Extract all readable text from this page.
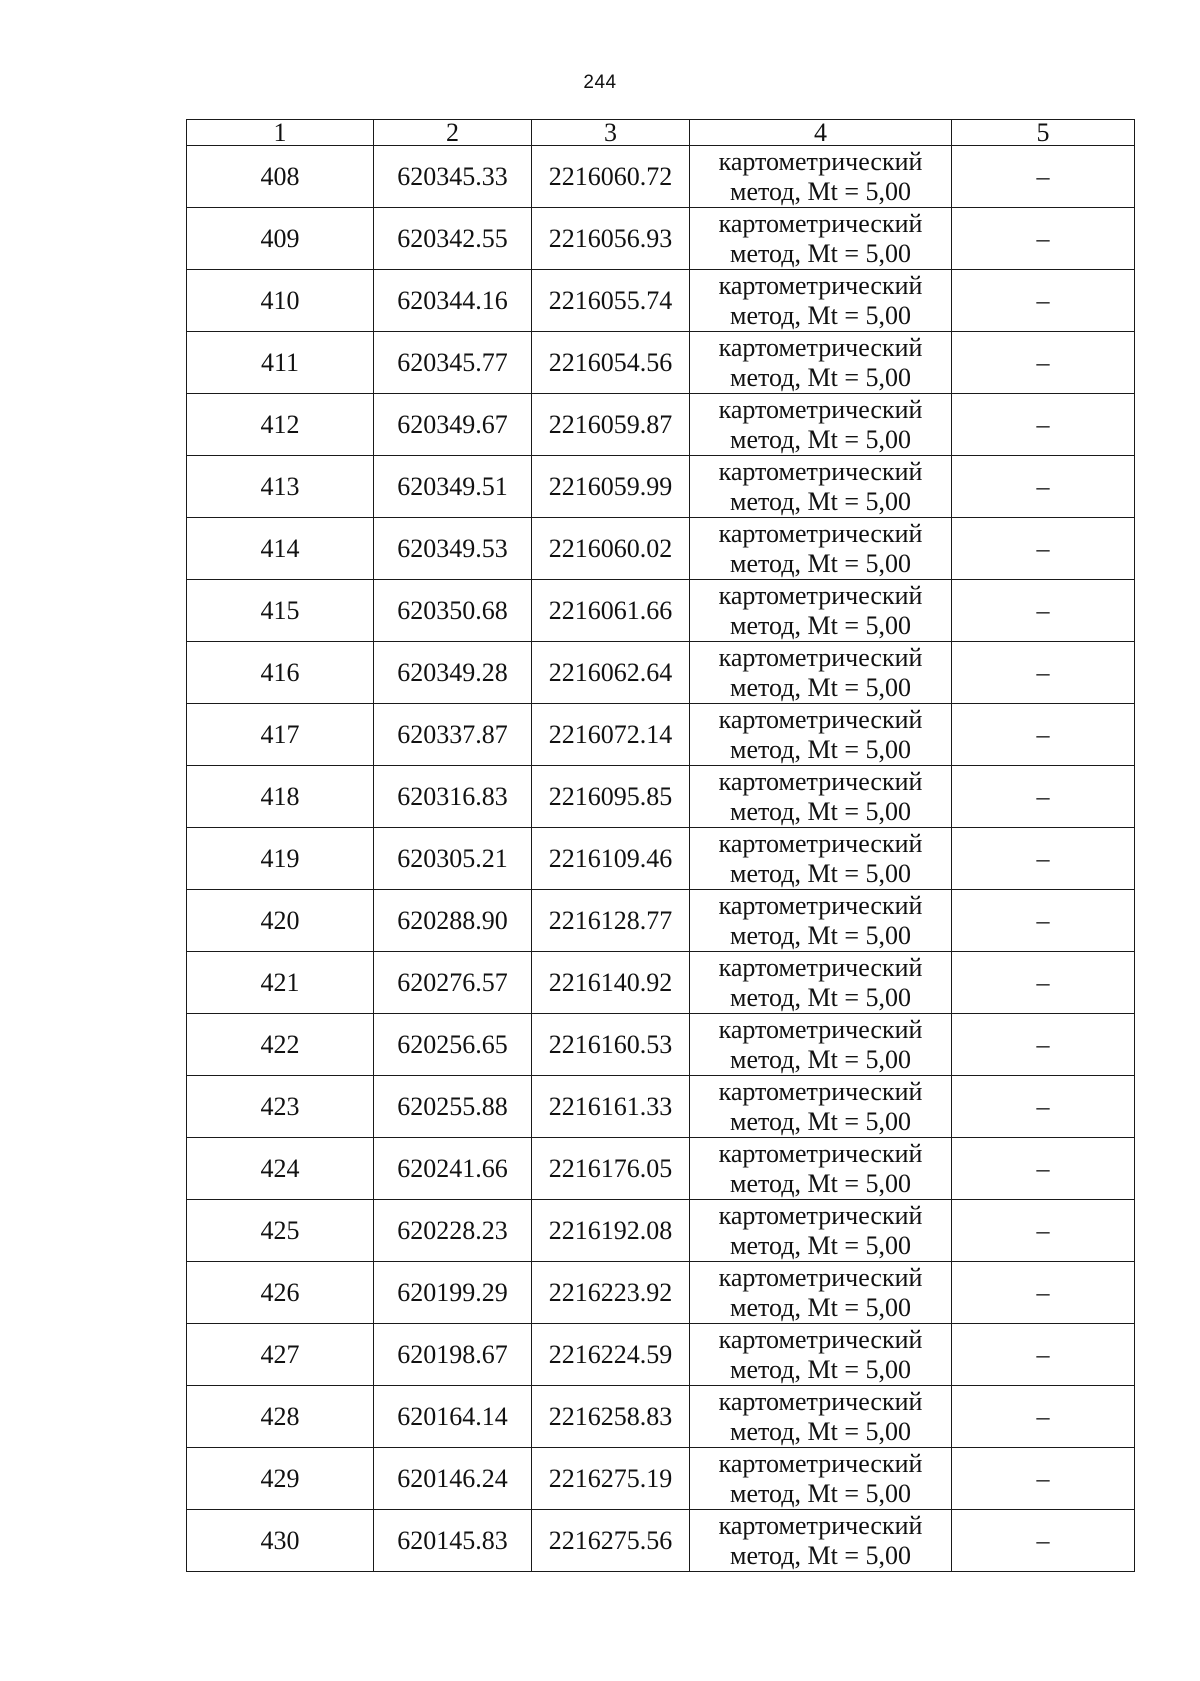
244
1	2	3	4	5
408	620345.33	2216060.72	картометрический
метод, Mt = 5,00	–
409	620342.55	2216056.93	картометрический
метод, Mt = 5,00	–
410	620344.16	2216055.74	картометрический
метод, Mt = 5,00	–
411	620345.77	2216054.56	картометрический
метод, Mt = 5,00	–
412	620349.67	2216059.87	картометрический
метод, Mt = 5,00	–
413	620349.51	2216059.99	картометрический
метод, Mt = 5,00	–
414	620349.53	2216060.02	картометрический
метод, Mt = 5,00	–
415	620350.68	2216061.66	картометрический
метод, Mt = 5,00	–
416	620349.28	2216062.64	картометрический
метод, Mt = 5,00	–
417	620337.87	2216072.14	картометрический
метод, Mt = 5,00	–
418	620316.83	2216095.85	картометрический
метод, Mt = 5,00	–
419	620305.21	2216109.46	картометрический
метод, Mt = 5,00	–
420	620288.90	2216128.77	картометрический
метод, Mt = 5,00	–
421	620276.57	2216140.92	картометрический
метод, Mt = 5,00	–
422	620256.65	2216160.53	картометрический
метод, Mt = 5,00	–
423	620255.88	2216161.33	картометрический
метод, Mt = 5,00	–
424	620241.66	2216176.05	картометрический
метод, Mt = 5,00	–
425	620228.23	2216192.08	картометрический
метод, Mt = 5,00	–
426	620199.29	2216223.92	картометрический
метод, Mt = 5,00	–
427	620198.67	2216224.59	картометрический
метод, Mt = 5,00	–
428	620164.14	2216258.83	картометрический
метод, Mt = 5,00	–
429	620146.24	2216275.19	картометрический
метод, Mt = 5,00	–
430	620145.83	2216275.56	картометрический
метод, Mt = 5,00	–
